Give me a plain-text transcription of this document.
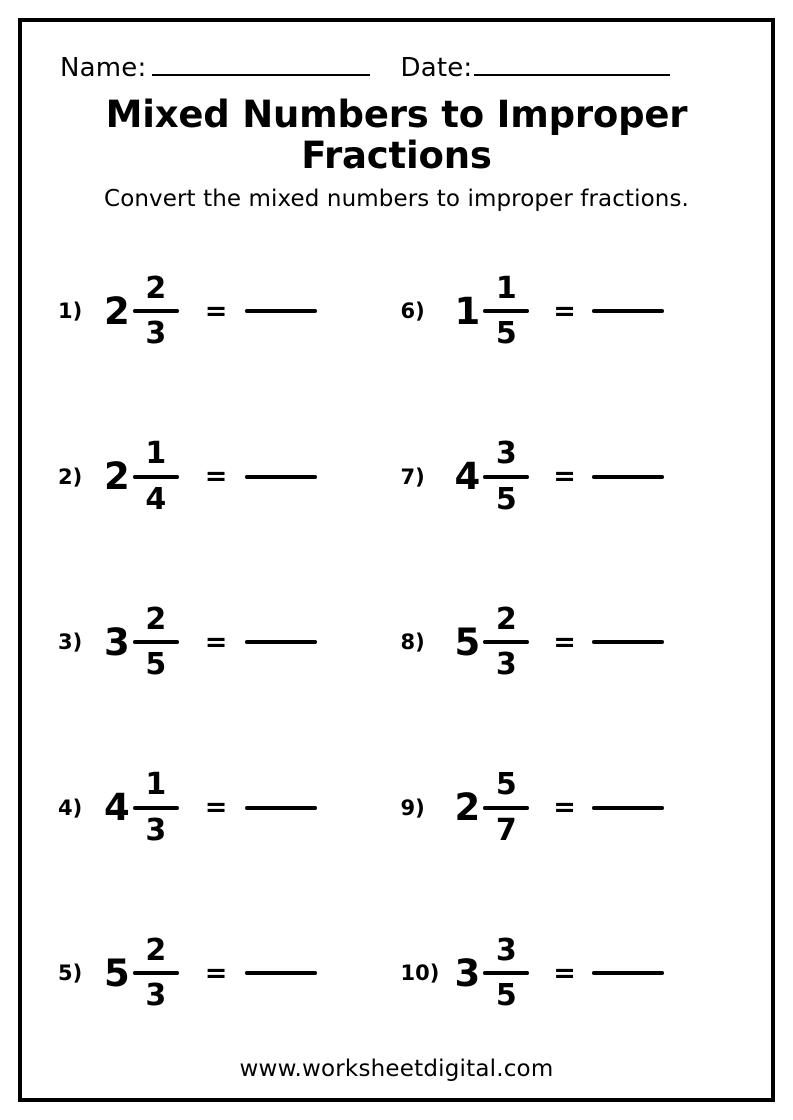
Name:	Date:
Mixed Numbers to Improper Fractions
Convert the mixed numbers to improper fractions.
1) $2 \frac{2}{3}$ =	6) $1 \frac{1}{5}$ =
2) $2 \frac{1}{4}$ =	7) $4 \frac{3}{5}$ =
3) $3 \frac{2}{5}$ =	8) $5 \frac{2}{3}$ =
4) $4 \frac{1}{3}$ =	9) $2 \frac{5}{7}$ =
5) $5 \frac{2}{3}$ =	10) $3 \frac{3}{5}$ =
www.worksheetdigital.com
